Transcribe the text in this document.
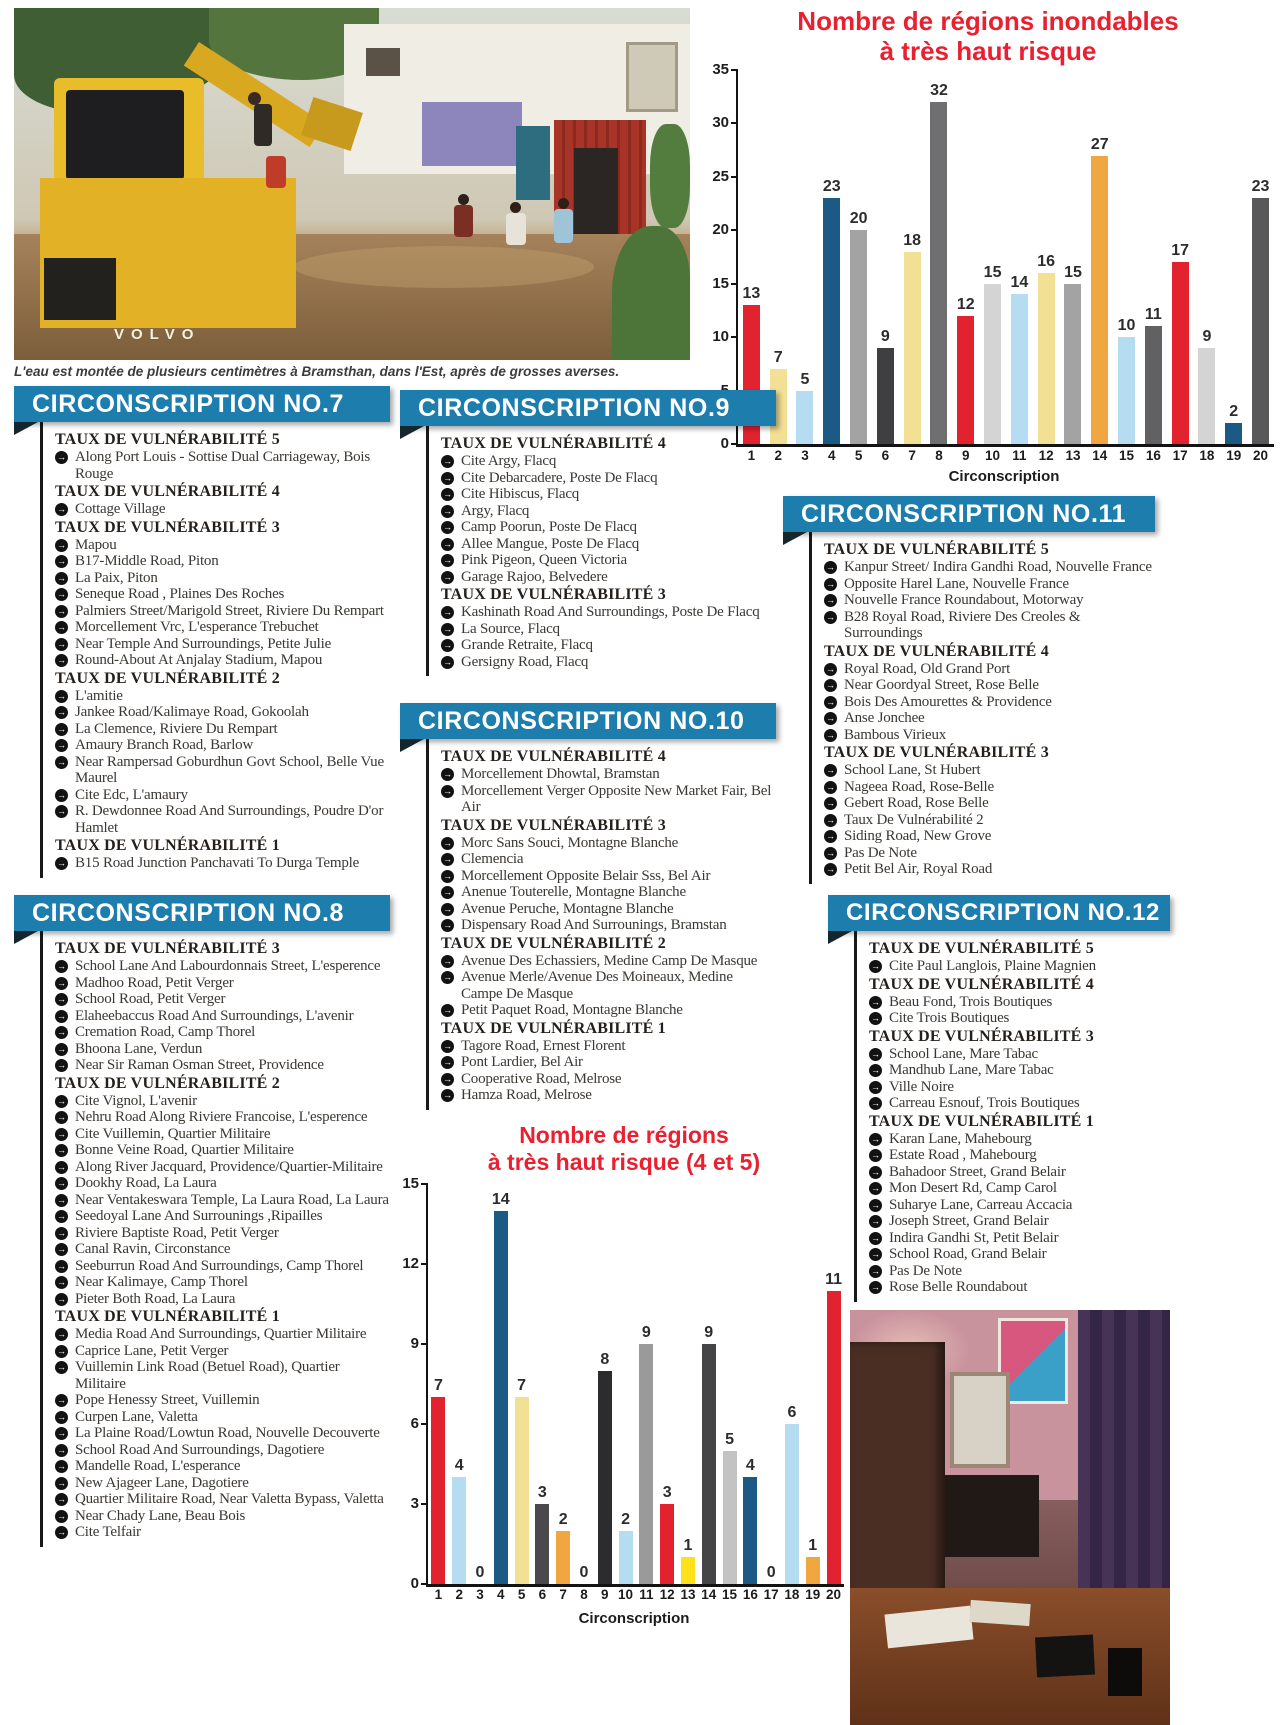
VOLVO
L'eau est montée de plusieurs centimètres à Bramsthan, dans l'Est, après de grosses averses.
Nombre de régions inondables
à très haut risque
13
7
5
23
20
9
18
32
12
15
14
16
15
27
10
11
17
9
2
23
1	2	3	4	5	6	7	8	9	10 11 12 13 14 15 16 17 18 19 20
0
10
15
20
25
30
35
Circonscription
CIRCONSCRIPTION NO.7
TAUX DE VULNÉRABILITÉ 5
→ Along Port Louis - Sottise Dual Carriageway, Bois Rouge
TAUX DE VULNÉRABILITÉ 4
→ Cottage Village
TAUX DE VULNÉRABILITÉ 3
→ Mapou
→ B17-Middle Road, Piton
→ La Paix, Piton
→ Seneque Road , Plaines Des Roches
→ Palmiers Street/Marigold Street, Riviere Du Rempart
→ Morcellement Vrc, L'esperance Trebuchet
→ Near Temple And Surroundings, Petite Julie
→ Round-About At Anjalay Stadium, Mapou
TAUX DE VULNÉRABILITÉ 2
→ L'amitie
→ Jankee Road/Kalimaye Road, Gokoolah
→ La Clemence, Riviere Du Rempart
→ Amaury Branch Road, Barlow
→ Near Rampersad Goburdhun Govt School, Belle Vue Maurel
→ Cite Edc, L'amaury
→ R. Dewdonnee Road And Surroundings, Poudre D'or Hamlet
TAUX DE VULNÉRABILITÉ 1
→ B15 Road Junction Panchavati To Durga Temple
CIRCONSCRIPTION NO.8
TAUX DE VULNÉRABILITÉ 3
→ School Lane And Labourdonnais Street, L'esperence
→ Madhoo Road, Petit Verger
→ School Road, Petit Verger
→ Elaheebaccus Road And Surroundings, L'avenir
→ Cremation Road, Camp Thorel
→ Bhoona Lane, Verdun
→ Near Sir Raman Osman Street, Providence
TAUX DE VULNÉRABILITÉ 2
→ Cite Vignol, L'avenir
→ Nehru Road Along Riviere Francoise, L'esperence
→ Cite Vuillemin, Quartier Militaire
→ Bonne Veine Road, Quartier Militaire
→ Along River Jacquard, Providence/Quartier-Militaire
→ Dookhy Road, La Laura
→ Near Ventakeswara Temple, La Laura Road, La Laura
→ Seedoyal Lane And Surrounings ,Ripailles
→ Riviere Baptiste Road, Petit Verger
→ Canal Ravin, Circonstance
→ Seeburrun Road And Surroundings, Camp Thorel
→ Near Kalimaye, Camp Thorel
→ Pieter Both Road, La Laura
TAUX DE VULNÉRABILITÉ 1
→ Media Road And Surroundings, Quartier Militaire
→ Caprice Lane, Petit Verger
→ Vuillemin Link Road (Betuel Road), Quartier Militaire
→ Pope Henessy Street, Vuillemin
→ Curpen Lane, Valetta
→ La Plaine Road/Lowtun Road, Nouvelle Decouverte
→ School Road And Surroundings, Dagotiere
→ Mandelle Road, L'esperance
→ New Ajageer Lane, Dagotiere
→ Quartier Militaire Road, Near Valetta Bypass, Valetta
→ Near Chady Lane, Beau Bois
→ Cite Telfair
CIRCONSCRIPTION NO.9
TAUX DE VULNÉRABILITÉ 4
→ Cite Argy, Flacq
→ Cite Debarcadere, Poste De Flacq
→ Cite Hibiscus, Flacq
→ Argy, Flacq
→ Camp Poorun, Poste De Flacq
→ Allee Mangue, Poste De Flacq
→ Pink Pigeon, Queen Victoria
→ Garage Rajoo, Belvedere
TAUX DE VULNÉRABILITÉ 3
→ Kashinath Road And Surroundings, Poste De Flacq
→ La Source, Flacq
→ Grande Retraite, Flacq
→ Gersigny Road, Flacq
CIRCONSCRIPTION NO.10
TAUX DE VULNÉRABILITÉ 4
→ Morcellement Dhowtal, Bramstan
→ Morcellement Verger Opposite New Market Fair, Bel Air
TAUX DE VULNÉRABILITÉ 3
→ Morc Sans Souci, Montagne Blanche
→ Clemencia
→ Morcellement Opposite Belair Sss, Bel Air
→ Anenue Touterelle, Montagne Blanche
→ Avenue Peruche, Montagne Blanche
→ Dispensary Road And Surrounings, Bramstan
TAUX DE VULNÉRABILITÉ 2
→ Avenue Des Echassiers, Medine Camp De Masque
→ Avenue Merle/Avenue Des Moineaux, Medine Campe De Masque
→ Petit Paquet Road, Montagne Blanche
TAUX DE VULNÉRABILITÉ 1
→ Tagore Road, Ernest Florent
→ Pont Lardier, Bel Air
→ Cooperative Road, Melrose
→ Hamza Road, Melrose
CIRCONSCRIPTION NO.11
TAUX DE VULNÉRABILITÉ 5
→ Kanpur Street/ Indira Gandhi Road, Nouvelle France
→ Opposite Harel Lane, Nouvelle France
→ Nouvelle France Roundabout, Motorway
→ B28 Royal Road, Riviere Des Creoles & Surroundings
TAUX DE VULNÉRABILITÉ 4
→ Royal Road, Old Grand Port
→ Near Goordyal Street, Rose Belle
→ Bois Des Amourettes & Providence
→ Anse Jonchee
→ Bambous Virieux
TAUX DE VULNÉRABILITÉ 3
→ School Lane, St Hubert
→ Nageea Road, Rose-Belle
→ Gebert Road, Rose Belle
→ Taux De Vulnérabilité 2
→ Siding Road, New Grove
→ Pas De Note
→ Petit Bel Air, Royal Road
CIRCONSCRIPTION NO.12
TAUX DE VULNÉRABILITÉ 5
→ Cite Paul Langlois, Plaine Magnien
TAUX DE VULNÉRABILITÉ 4
→ Beau Fond, Trois Boutiques
→ Cite Trois Boutiques
TAUX DE VULNÉRABILITÉ 3
→ School Lane, Mare Tabac
→ Mandhub Lane, Mare Tabac
→ Ville Noire
→ Carreau Esnouf, Trois Boutiques
TAUX DE VULNÉRABILITÉ 1
→ Karan Lane, Mahebourg
→ Estate Road , Mahebourg
→ Bahadoor Street, Grand Belair
→ Mon Desert Rd, Camp Carol
→ Suharye Lane, Carreau Accacia
→ Joseph Street, Grand Belair
→ Indira Gandhi St, Petit Belair
→ School Road, Grand Belair
→ Pas De Note
→ Rose Belle Roundabout
Nombre de régions
à très haut risque (4 et 5)
7
4
0
14
7
3
2
0
8
2
9
3
1
9
5
4
0
6
1
11
1 2 3 4 5 6 7 8 9 10 11 12 13 14 15 16 17 18 19 20
0
3
6
9
12
15
Circonscription
